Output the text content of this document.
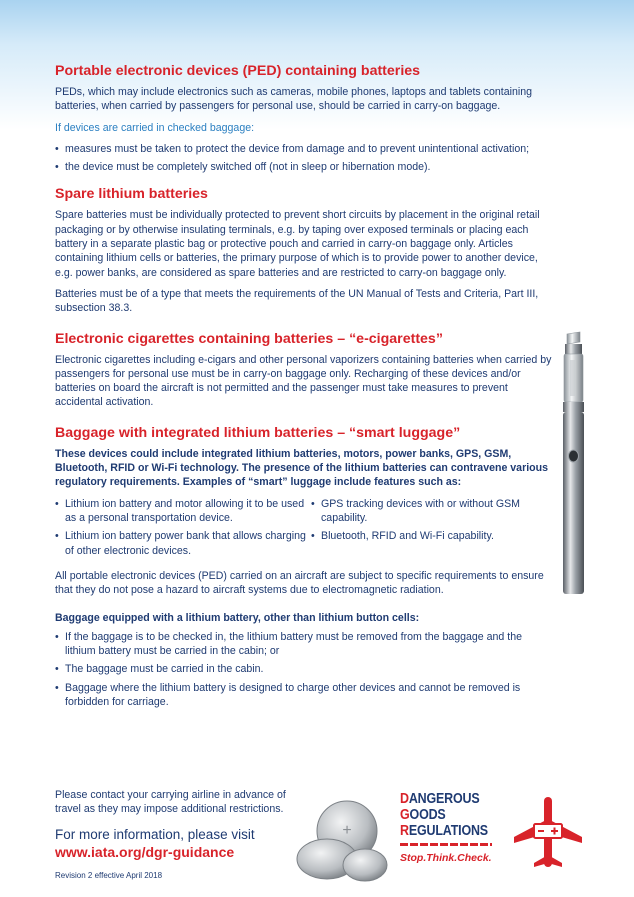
Portable electronic devices (PED) containing batteries

PEDs, which may include electronics such as cameras, mobile phones, laptops and tablets containing batteries, when carried by passengers for personal use, should be carried in carry-on baggage.

If devices are carried in checked baggage:

• measures must be taken to protect the device from damage and to prevent unintentional activation;
• the device must be completely switched off (not in sleep or hibernation mode).
Spare lithium batteries

Spare batteries must be individually protected to prevent short circuits by placement in the original retail packaging or by otherwise insulating terminals, e.g. by taping over exposed terminals or placing each battery in a separate plastic bag or protective pouch and carried in carry-on baggage only. Articles containing lithium cells or batteries, the primary purpose of which is to provide power to another device, e.g. power banks, are considered as spare batteries and are restricted to carry-on baggage only.

Batteries must be of a type that meets the requirements of the UN Manual of Tests and Criteria, Part III, subsection 38.3.

Electronic cigarettes containing batteries – “e-cigarettes”

Electronic cigarettes including e-cigars and other personal vaporizers containing batteries when carried by passengers for personal use must be in carry-on baggage only. Recharging of these devices and/or batteries on board the aircraft is not permitted and the passenger must take measures to prevent accidental activation.

Baggage with integrated lithium batteries – “smart luggage”

These devices could include integrated lithium batteries, motors, power banks, GPS, GSM, Bluetooth, RFID or Wi-Fi technology. The presence of the lithium batteries can contravene various regulatory requirements. Examples of “smart” luggage include features such as:

• Lithium ion battery and motor allowing it to be used as a personal transportation device.
• Lithium ion battery power bank that allows charging of other electronic devices.
• GPS tracking devices with or without GSM capability.
• Bluetooth, RFID and Wi-Fi capability.

All portable electronic devices (PED) carried on an aircraft are subject to specific requirements to ensure that they do not pose a hazard to aircraft systems due to electromagnetic radiation.

Baggage equipped with a lithium battery, other than lithium button cells:

• If the baggage is to be checked in, the lithium battery must be removed from the baggage and the lithium battery must be carried in the cabin; or
• The baggage must be carried in the cabin.
• Baggage where the lithium battery is designed to charge other devices and cannot be removed is forbidden for carriage.

Please contact your carrying airline in advance of travel as they may impose additional restrictions.

For more information, please visit

www.iata.org/dgr-guidance

Revision 2 effective April 2018

+
DANGEROUS
GOODS
REGULATIONS
Stop.Think.Check.
